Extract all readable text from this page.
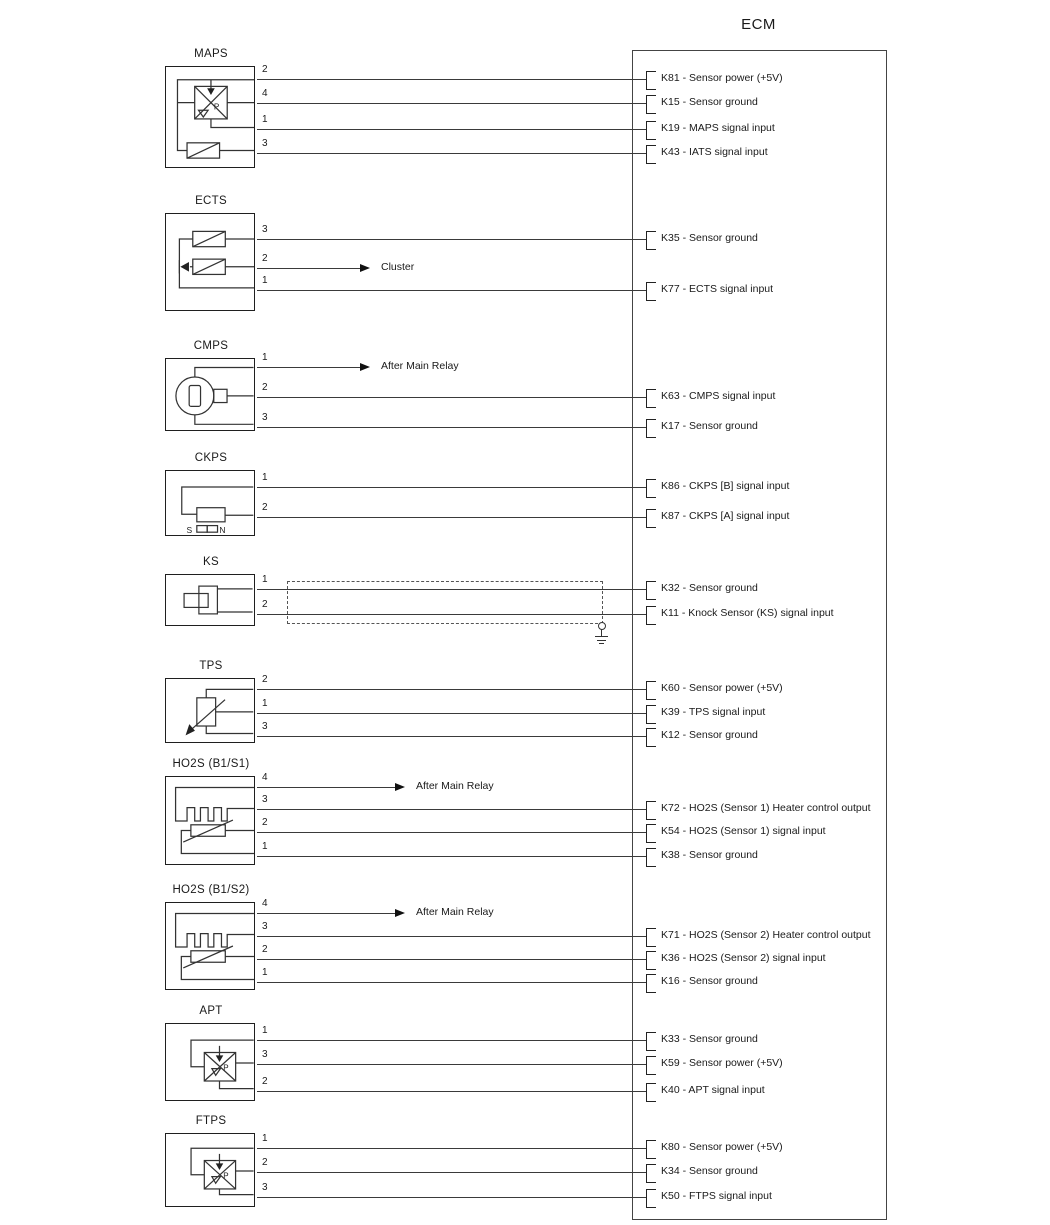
ECM
MAPS
P
2
K81 - Sensor power (+5V)
4
K15 - Sensor ground
1
K19 - MAPS signal input
3
K43 - IATS signal input
ECTS
3
K35 - Sensor ground
2
Cluster
1
K77 - ECTS signal input
CMPS
1
After Main Relay
2
K63 - CMPS signal input
3
K17 - Sensor ground
CKPS
S	N
1
K86 - CKPS [B] signal input
2
K87 - CKPS [A] signal input
KS
1
K32 - Sensor ground
2
K11 - Knock Sensor (KS) signal input
TPS
2
K60 - Sensor power (+5V)
1
K39 - TPS signal input
3
K12 - Sensor ground
HO2S (B1/S1)
4
After Main Relay
3
K72 - HO2S (Sensor 1) Heater control output
2
K54 - HO2S (Sensor 1) signal input
1
K38 - Sensor ground
HO2S (B1/S2)
4
After Main Relay
3
K71 - HO2S (Sensor 2) Heater control output
2
K36 - HO2S (Sensor 2) signal input
1
K16 - Sensor ground
APT
P
1
K33 - Sensor ground
3
K59 - Sensor power (+5V)
2
K40 - APT signal input
FTPS
P
1
K80 - Sensor power (+5V)
2
K34 - Sensor ground
3
K50 - FTPS signal input
